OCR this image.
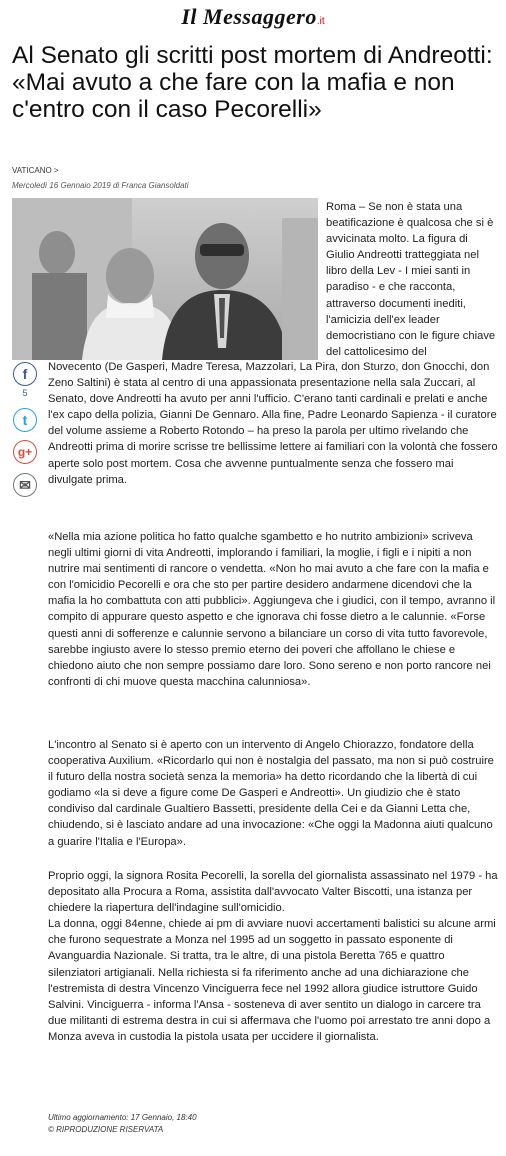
Il Messaggero.it
Al Senato gli scritti post mortem di Andreotti: «Mai avuto a che fare con la mafia e non c'entro con il caso Pecorelli»
VATICANO >
Mercoledì 16 Gennaio 2019 di Franca Giansoldati

Roma – Se non è stata una beatificazione è qualcosa che si è avvicinata molto. La figura di Giulio Andreotti tratteggiata nel libro della Lev - I miei santi in paradiso - e che racconta, attraverso documenti inediti, l'amicizia dell'ex leader democristiano con le figure chiave del cattolicesimo del

Novecento (De Gasperi, Madre Teresa, Mazzolari, La Pira, don Sturzo, don Gnocchi, don Zeno Saltini) è stata al centro di una appassionata presentazione nella sala Zuccari, al Senato, dove Andreotti ha avuto per anni l'ufficio. C'erano tanti cardinali e prelati e anche l'ex capo della polizia, Gianni De Gennaro. Alla fine, Padre Leonardo Sapienza - il curatore del volume assieme a Roberto Rotondo – ha preso la parola per ultimo rivelando che Andreotti prima di morire scrisse tre bellissime lettere ai familiari con la volontà che fossero aperte solo post mortem. Cosa che avvenne puntualmente senza che fossero mai divulgate prima.

«Nella mia azione politica ho fatto qualche sgambetto e ho nutrito ambizioni» scriveva negli ultimi giorni di vita Andreotti, implorando i familiari, la moglie, i figli e i nipiti a non nutrire mai sentimenti di rancore o vendetta. «Non ho mai avuto a che fare con la mafia e con l'omicidio Pecorelli e ora che sto per partire desidero andarmene dicendovi che la mafia la ho combattuta con atti pubblici». Aggiungeva che i giudici, con il tempo, avranno il compito di appurare questo aspetto e che ignorava chi fosse dietro a le calunnie. «Forse questi anni di sofferenze e calunnie servono a bilanciare un corso di vita tutto favorevole, sarebbe ingiusto avere lo stesso premio eterno dei poveri che affollano le chiese e chiedono aiuto che non sempre possiamo dare loro. Sono sereno e non porto rancore nei confronti di chi muove questa macchina calunniosa».

L'incontro al Senato si è aperto con un intervento di Angelo Chiorazzo, fondatore della cooperativa Auxilium. «Ricordarlo qui non è nostalgia del passato, ma non si può costruire il futuro della nostra società senza la memoria» ha detto ricordando che la libertà di cui godiamo «la si deve a figure come De Gasperi e Andreotti». Un giudizio che è stato condiviso dal cardinale Gualtiero Bassetti, presidente della Cei e da Gianni Letta che, chiudendo, si è lasciato andare ad una invocazione: «Che oggi la Madonna aiuti qualcuno a guarire l'Italia e l'Europa».

Proprio oggi, la signora Rosita Pecorelli, la sorella del giornalista assassinato nel 1979 - ha depositato alla Procura a Roma, assistita dall'avvocato Valter Biscotti, una istanza per chiedere la riapertura dell'indagine sull'omicidio.

La donna, oggi 84enne, chiede ai pm di avviare nuovi accertamenti balistici su alcune armi che furono sequestrate a Monza nel 1995 ad un soggetto in passato esponente di Avanguardia Nazionale. Si tratta, tra le altre, di una pistola Beretta 765 e quattro silenziatori artigianali. Nella richiesta si fa riferimento anche ad una dichiarazione che l'estremista di destra Vincenzo Vinciguerra fece nel 1992 allora giudice istruttore Guido Salvini. Vinciguerra - informa l'Ansa - sosteneva di aver sentito un dialogo in carcere tra due militanti di estrema destra in cui si affermava che l'uomo poi arrestato tre anni dopo a Monza aveva in custodia la pistola usata per uccidere il giornalista.

f
5
t
g+
✉
Ultimo aggiornamento: 17 Gennaio, 18:40
© RIPRODUZIONE RISERVATA
